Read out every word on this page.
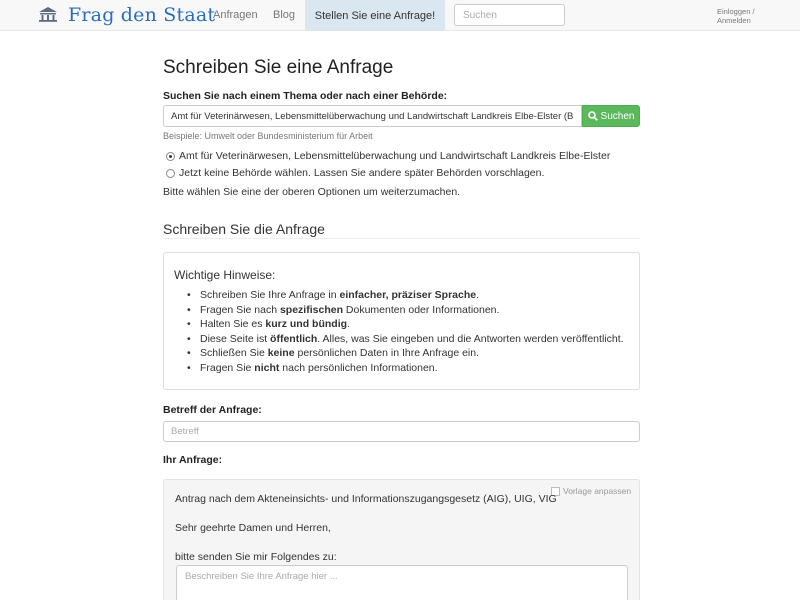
Frag den Staat
Anfragen Blog	Stellen Sie eine Anfrage!
Suchen	Einloggen /
Anmelden
Schreiben Sie eine Anfrage
Suchen Sie nach einem Thema oder nach einer Behörde:
Amt für Veterinärwesen, Lebensmittelüberwachung und Landwirtschaft Landkreis Elbe-Elster (Brandenburg)
Suchen
Beispiele: Umwelt oder Bundesministerium für Arbeit
Amt für Veterinärwesen, Lebensmittelüberwachung und Landwirtschaft Landkreis Elbe-Elster
Jetzt keine Behörde wählen. Lassen Sie andere später Behörden vorschlagen.
Bitte wählen Sie eine der oberen Optionen um weiterzumachen.
Schreiben Sie die Anfrage
Wichtige Hinweise:
• Schreiben Sie Ihre Anfrage in einfacher, präziser Sprache.
• Fragen Sie nach spezifischen Dokumenten oder Informationen.
• Halten Sie es kurz und bündig.
• Diese Seite ist öffentlich. Alles, was Sie eingeben und die Antworten werden veröffentlicht.
• Schließen Sie keine persönlichen Daten in Ihre Anfrage ein.
• Fragen Sie nicht nach persönlichen Informationen.
Betreff der Anfrage:
Betreff
Ihr Anfrage:
Vorlage anpassen
Antrag nach dem Akteneinsichts- und Informationszugangsgesetz (AIG), UIG, VIG
Sehr geehrte Damen und Herren,
bitte senden Sie mir Folgendes zu:
Beschreiben Sie Ihre Anfrage hier ...
